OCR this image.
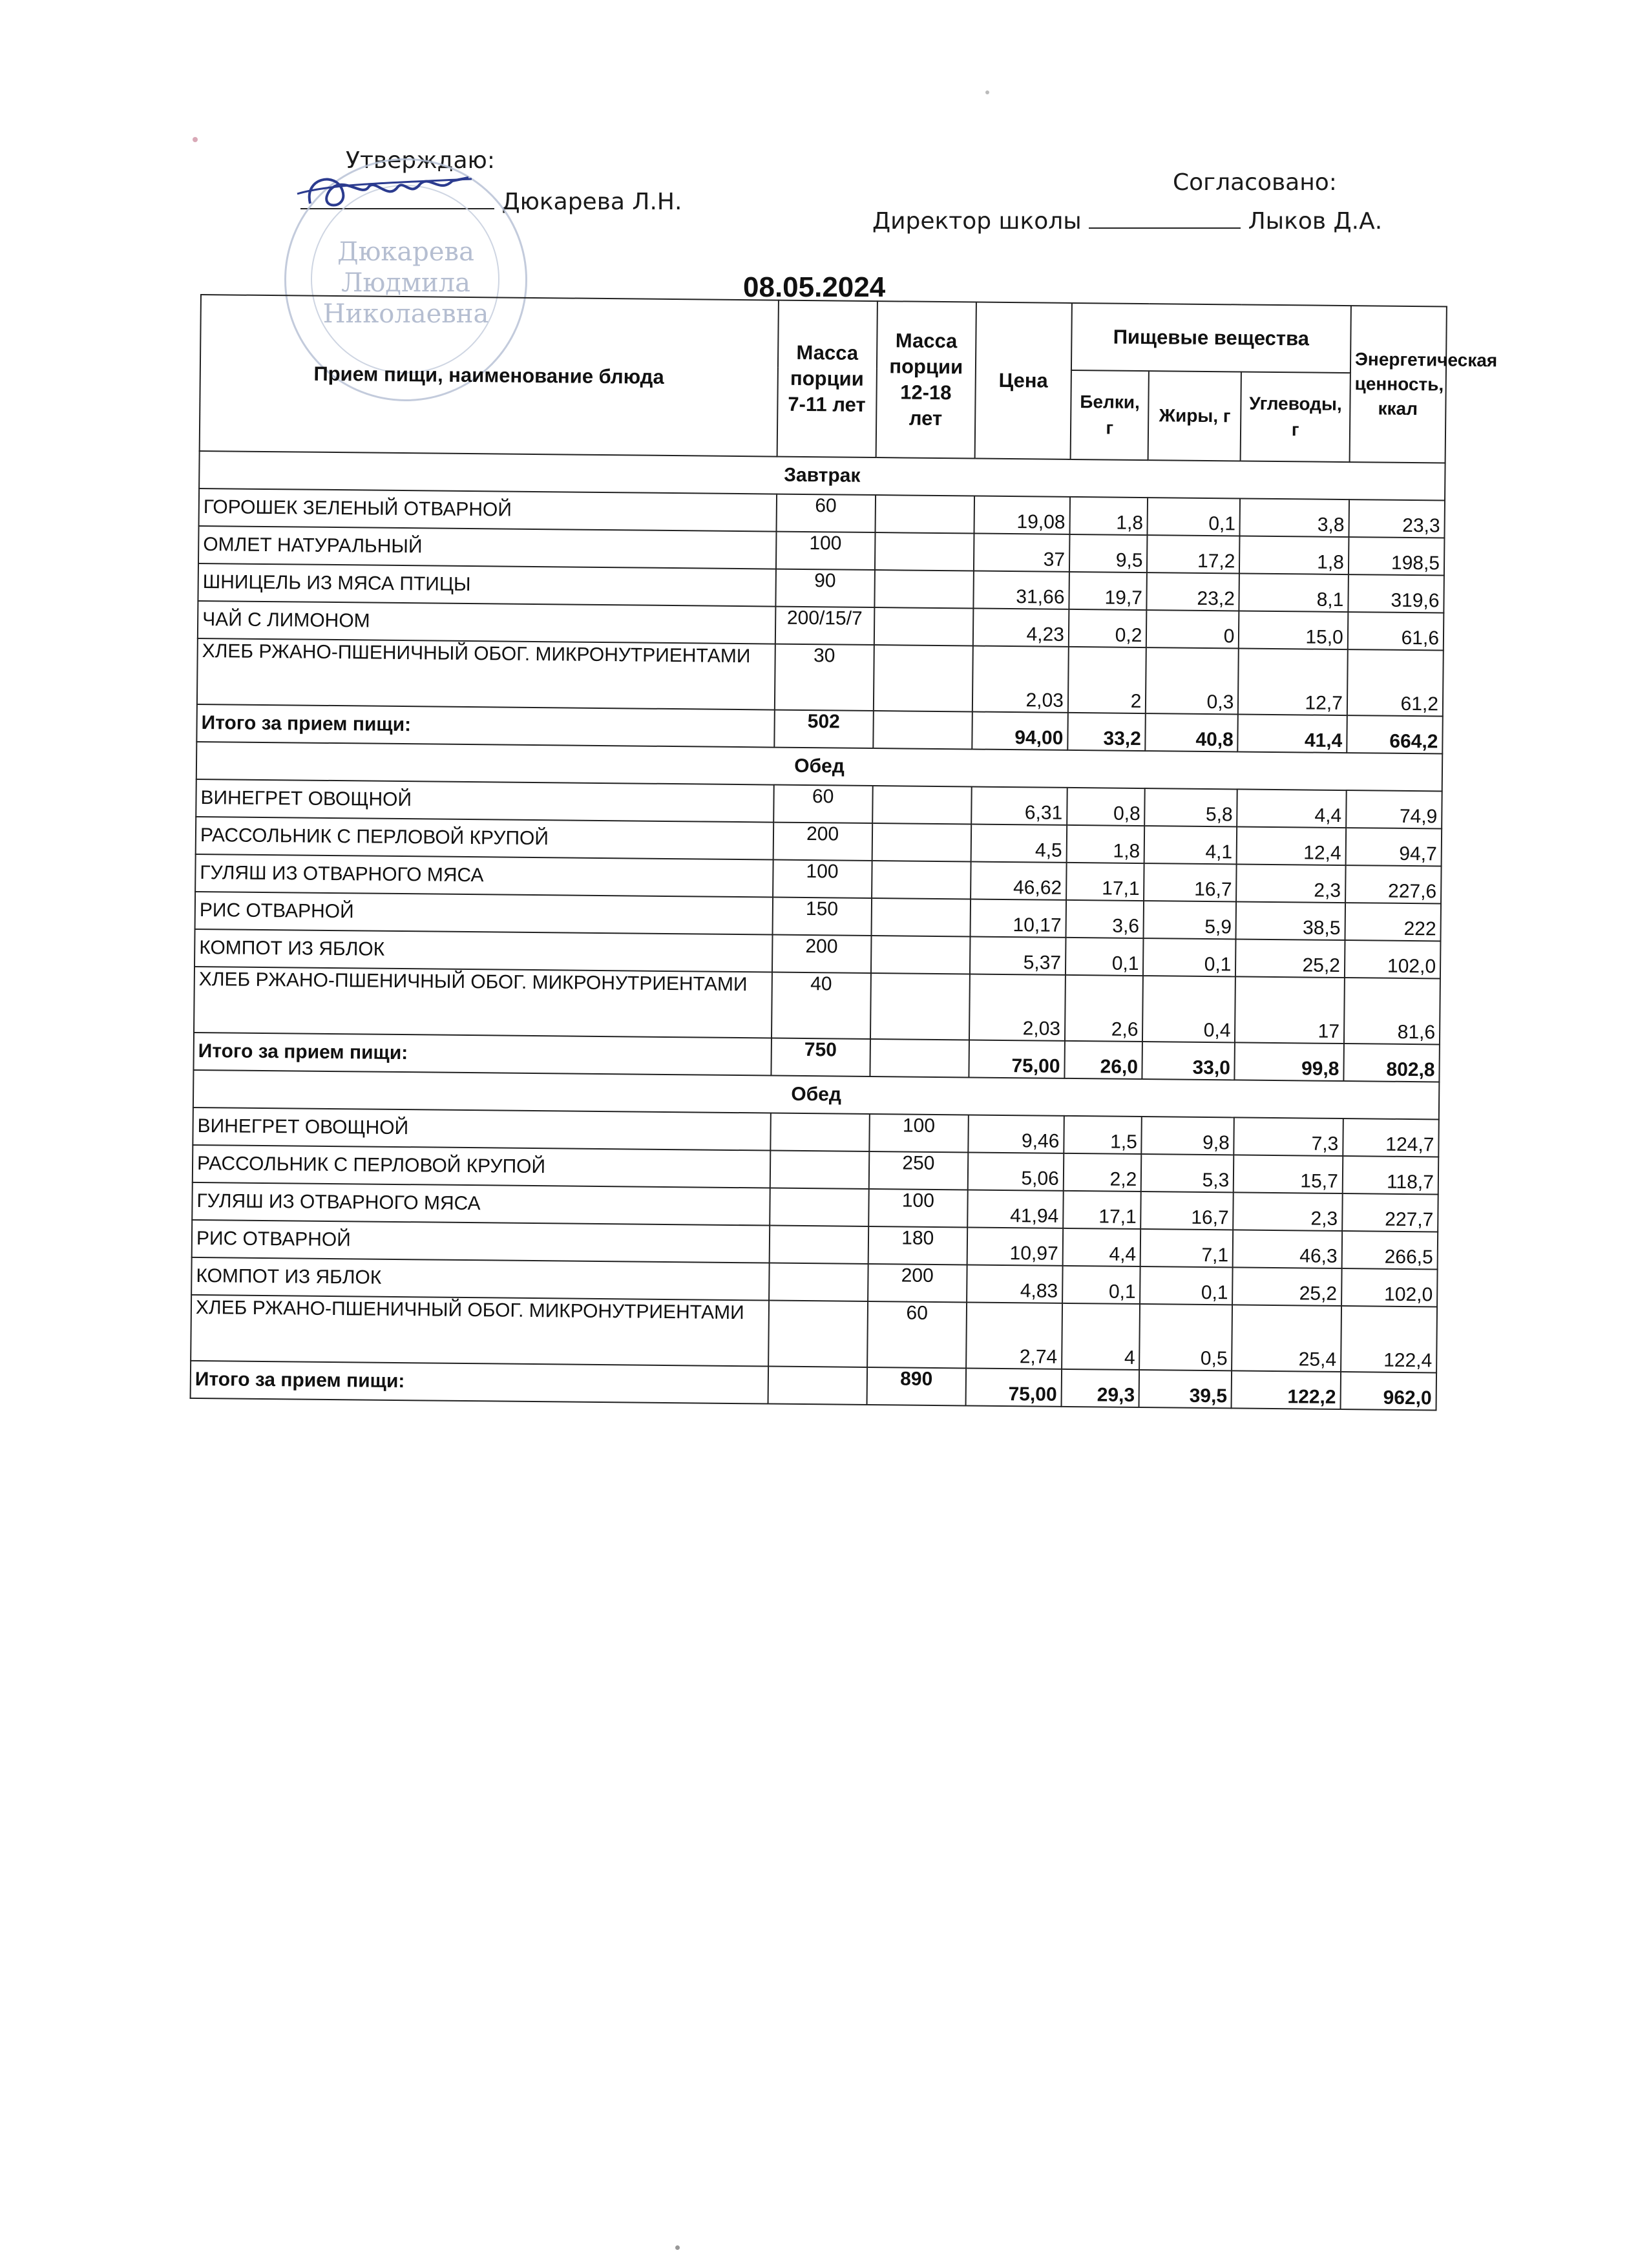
Утверждаю:
Дюкарева Л.Н.
Дюкарева
Людмила
Николаевна
Согласовано:
Директор школы	Лыков Д.А.
08.05.2024
Прием пищи, наименование блюда	Масса порции 7-11 лет	Масса порции 12-18 лет	Цена	Пищевые вещества			Энергетическая ценность, ккал
				Белки, г	Жиры, г	Углеводы, г	
Завтрак							
ГОРОШЕК ЗЕЛЕНЫЙ ОТВАРНОЙ	60		19,08	1,8	0,1	3,8	23,3
ОМЛЕТ НАТУРАЛЬНЫЙ	100		37	9,5	17,2	1,8	198,5
ШНИЦЕЛЬ ИЗ МЯСА ПТИЦЫ	90		31,66	19,7	23,2	8,1	319,6
ЧАЙ С ЛИМОНОМ	200/15/7		4,23	0,2	0	15,0	61,6
ХЛЕБ РЖАНО-ПШЕНИЧНЫЙ ОБОГ. МИКРОНУТРИЕНТАМИ	30		2,03	2	0,3	12,7	61,2
Итого за прием пищи:	502		94,00	33,2	40,8	41,4	664,2
Обед							
ВИНЕГРЕТ ОВОЩНОЙ	60		6,31	0,8	5,8	4,4	74,9
РАССОЛЬНИК С ПЕРЛОВОЙ КРУПОЙ	200		4,5	1,8	4,1	12,4	94,7
ГУЛЯШ ИЗ ОТВАРНОГО МЯСА	100		46,62	17,1	16,7	2,3	227,6
РИС ОТВАРНОЙ	150		10,17	3,6	5,9	38,5	222
КОМПОТ ИЗ ЯБЛОК	200		5,37	0,1	0,1	25,2	102,0
ХЛЕБ РЖАНО-ПШЕНИЧНЫЙ ОБОГ. МИКРОНУТРИЕНТАМИ	40		2,03	2,6	0,4	17	81,6
Итого за прием пищи:	750		75,00	26,0	33,0	99,8	802,8
Обед							
ВИНЕГРЕТ ОВОЩНОЙ		100	9,46	1,5	9,8	7,3	124,7
РАССОЛЬНИК С ПЕРЛОВОЙ КРУПОЙ		250	5,06	2,2	5,3	15,7	118,7
ГУЛЯШ ИЗ ОТВАРНОГО МЯСА		100	41,94	17,1	16,7	2,3	227,7
РИС ОТВАРНОЙ		180	10,97	4,4	7,1	46,3	266,5
КОМПОТ ИЗ ЯБЛОК		200	4,83	0,1	0,1	25,2	102,0
ХЛЕБ РЖАНО-ПШЕНИЧНЫЙ ОБОГ. МИКРОНУТРИЕНТАМИ		60	2,74	4	0,5	25,4	122,4
Итого за прием пищи:		890	75,00	29,3	39,5	122,2	962,0
